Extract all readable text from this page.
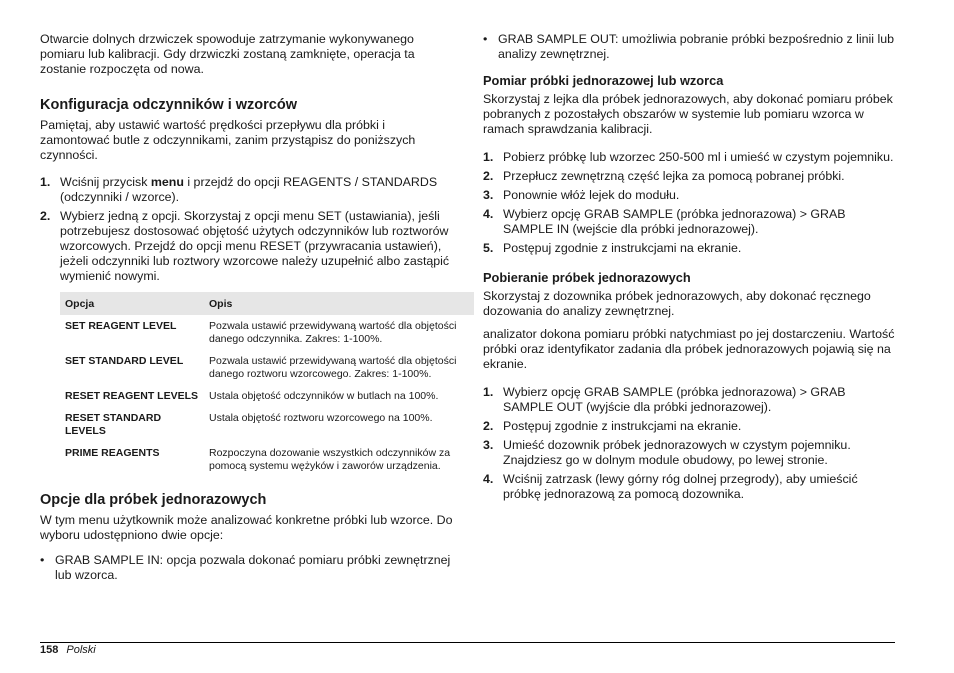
Otwarcie dolnych drzwiczek spowoduje zatrzymanie wykonywanego pomiaru lub kalibracji. Gdy drzwiczki zostaną zamknięte, operacja ta zostanie rozpoczęta od nowa.

Konfiguracja odczynników i wzorców

Pamiętaj, aby ustawić wartość prędkości przepływu dla próbki i zamontować butle z odczynnikami, zanim przystąpisz do poniższych czynności.

1. Wciśnij przycisk menu i przejdź do opcji REAGENTS / STANDARDS (odczynniki / wzorce).
2. Wybierz jedną z opcji. Skorzystaj z opcji menu SET (ustawiania), jeśli potrzebujesz dostosować objętość użytych odczynników lub roztworów wzorcowych. Przejdź do opcji menu RESET (przywracania ustawień), jeżeli odczynniki lub roztwory wzorcowe należy uzupełnić albo zastąpić wymienić nowymi.
Opcja	Opis
SET REAGENT LEVEL	Pozwala ustawić przewidywaną wartość dla objętości danego odczynnika. Zakres: 1-100%.
SET STANDARD LEVEL	Pozwala ustawić przewidywaną wartość dla objętości danego roztworu wzorcowego. Zakres: 1-100%.
RESET REAGENT LEVELS	Ustala objętość odczynników w butlach na 100%.
RESET STANDARD LEVELS	Ustala objętość roztworu wzorcowego na 100%.
PRIME REAGENTS	Rozpoczyna dozowanie wszystkich odczynników za pomocą systemu wężyków i zaworów urządzenia.
Opcje dla próbek jednorazowych

W tym menu użytkownik może analizować konkretne próbki lub wzorce. Do wyboru udostępniono dwie opcje:

• GRAB SAMPLE IN: opcja pozwala dokonać pomiaru próbki zewnętrznej lub wzorca.
• GRAB SAMPLE OUT: umożliwia pobranie próbki bezpośrednio z linii lub analizy zewnętrznej.
Pomiar próbki jednorazowej lub wzorca

Skorzystaj z lejka dla próbek jednorazowych, aby dokonać pomiaru próbek pobranych z pozostałych obszarów w systemie lub pomiaru wzorca w ramach sprawdzania kalibracji.

1. Pobierz próbkę lub wzorzec 250-500 ml i umieść w czystym pojemniku.
2. Przepłucz zewnętrzną część lejka za pomocą pobranej próbki.
3. Ponownie włóż lejek do modułu.
4. Wybierz opcję GRAB SAMPLE (próbka jednorazowa) > GRAB SAMPLE IN (wejście dla próbki jednorazowej).
5. Postępuj zgodnie z instrukcjami na ekranie.
Pobieranie próbek jednorazowych

Skorzystaj z dozownika próbek jednorazowych, aby dokonać ręcznego dozowania do analizy zewnętrznej.

analizator dokona pomiaru próbki natychmiast po jej dostarczeniu. Wartość próbki oraz identyfikator zadania dla próbek jednorazowych pojawią się na ekranie.

1. Wybierz opcję GRAB SAMPLE (próbka jednorazowa) > GRAB SAMPLE OUT (wyjście dla próbki jednorazowej).
2. Postępuj zgodnie z instrukcjami na ekranie.
3. Umieść dozownik próbek jednorazowych w czystym pojemniku. Znajdziesz go w dolnym module obudowy, po lewej stronie.
4. Wciśnij zatrzask (lewy górny róg dolnej przegrody), aby umieścić próbkę jednorazową za pomocą dozownika.
158 Polski
